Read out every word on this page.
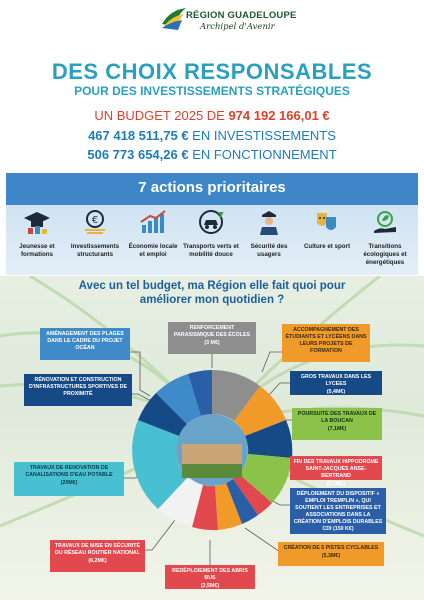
RÉGION GUADELOUPE
Archipel d'Avenir
DES CHOIX RESPONSABLES
POUR DES INVESTISSEMENTS STRATÉGIQUES
UN BUDGET 2025 DE 974 192 166,01 €
467 418 511,75 € EN INVESTISSEMENTS
506 773 654,26 € EN FONCTIONNEMENT
7 actions prioritaires
Jeunesse et formations
€
Investissements structurants
Économie locale et emploi
Transports verts et mobilité douce
Sécurité des usagers
Culture et sport	Transitions écologiques et énergétiques
Avec un tel budget, ma Région elle fait quoi pour améliorer mon quotidien ?
AMÉNAGEMENT DES PLAGES DANS LE CADRE DU PROJET OCÉAN
RENFORCEMENT PARASISMIQUE DES ÉCOLES
(3 M€)
ACCOMPAGNEMENT DES ÉTUDIANTS ET LYCÉENS DANS LEURS PROJETS DE FORMATION
RÉNOVATION ET CONSTRUCTION D'INFRASTRUCTURES SPORTIVES DE PROXIMITÉ
GROS TRAVAUX DANS LES LYCEES
(5,4M€)
POURSUITE DES TRAVAUX DE LA BOUCAN
(7,1M€)
TRAVAUX DE RENOVATION DE CANALISATIONS D'EAU POTABLE
(20M€)
FIN DES TRAVAUX HIPPODROME SAINT-JACQUES ANSE-BERTRAND
(2,7M€)
DÉPLOIEMENT DU DISPOSITIF « EMPLOI TREMPLIN », QUI SOUTIENT LES ENTREPRISES ET ASSOCIATIONS DANS LA CRÉATION D'EMPLOIS DURABLES CDI (150 K€)
TRAVAUX DE MISE EN SÉCURITÉ DU RÉSEAU ROUTIER NATIONAL
(6,2M€)
CRÉATION DE 5 PISTES CYCLABLES
(5,3M€)
REDÉPLOIEMENT DES ABRIS BUS
(2,5M€)
